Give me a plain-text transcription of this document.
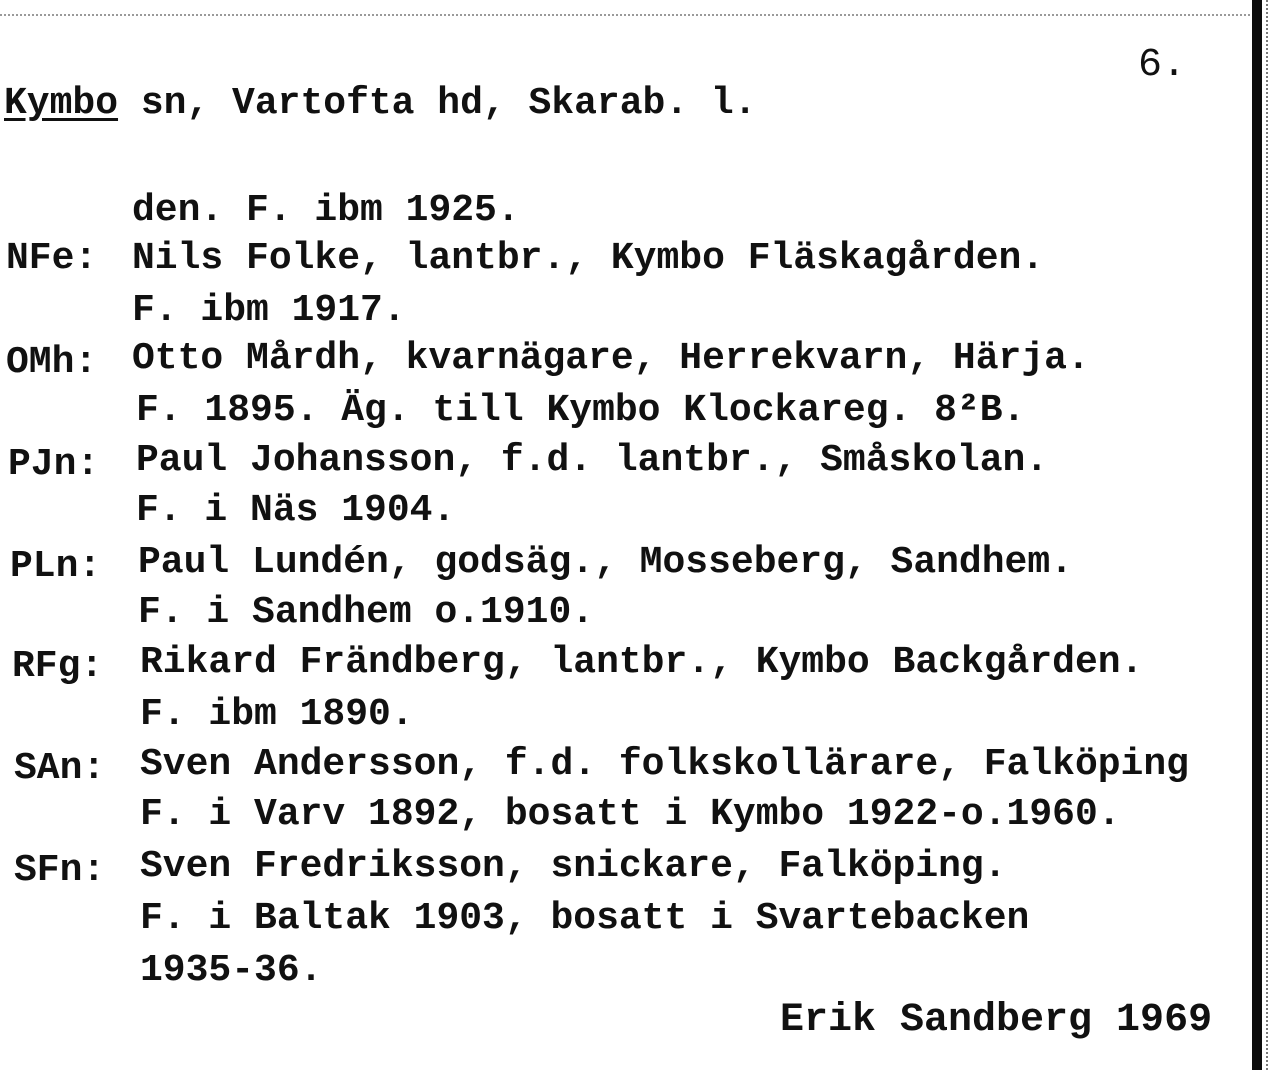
6.
Kymbo sn, Vartofta hd, Skarab. l.
den. F. ibm 1925.
NFe: Nils Folke, lantbr., Kymbo Fläskagården.
F. ibm 1917.
OMh: Otto Mårdh, kvarnägare, Herrekvarn, Härja.
F. 1895. Äg. till Kymbo Klockareg. 8²B.
PJn: Paul Johansson, f.d. lantbr., Småskolan.
F. i Näs 1904.
PLn: Paul Lundén, godsäg., Mosseberg, Sandhem.
F. i Sandhem o.1910.
RFg: Rikard Frändberg, lantbr., Kymbo Backgården.
F. ibm 1890.
SAn: Sven Andersson, f.d. folkskollärare, Falköping
F. i Varv 1892, bosatt i Kymbo 1922-o.1960.
SFn: Sven Fredriksson, snickare, Falköping.
F. i Baltak 1903, bosatt i Svartebacken
1935-36.
Erik Sandberg 1969
